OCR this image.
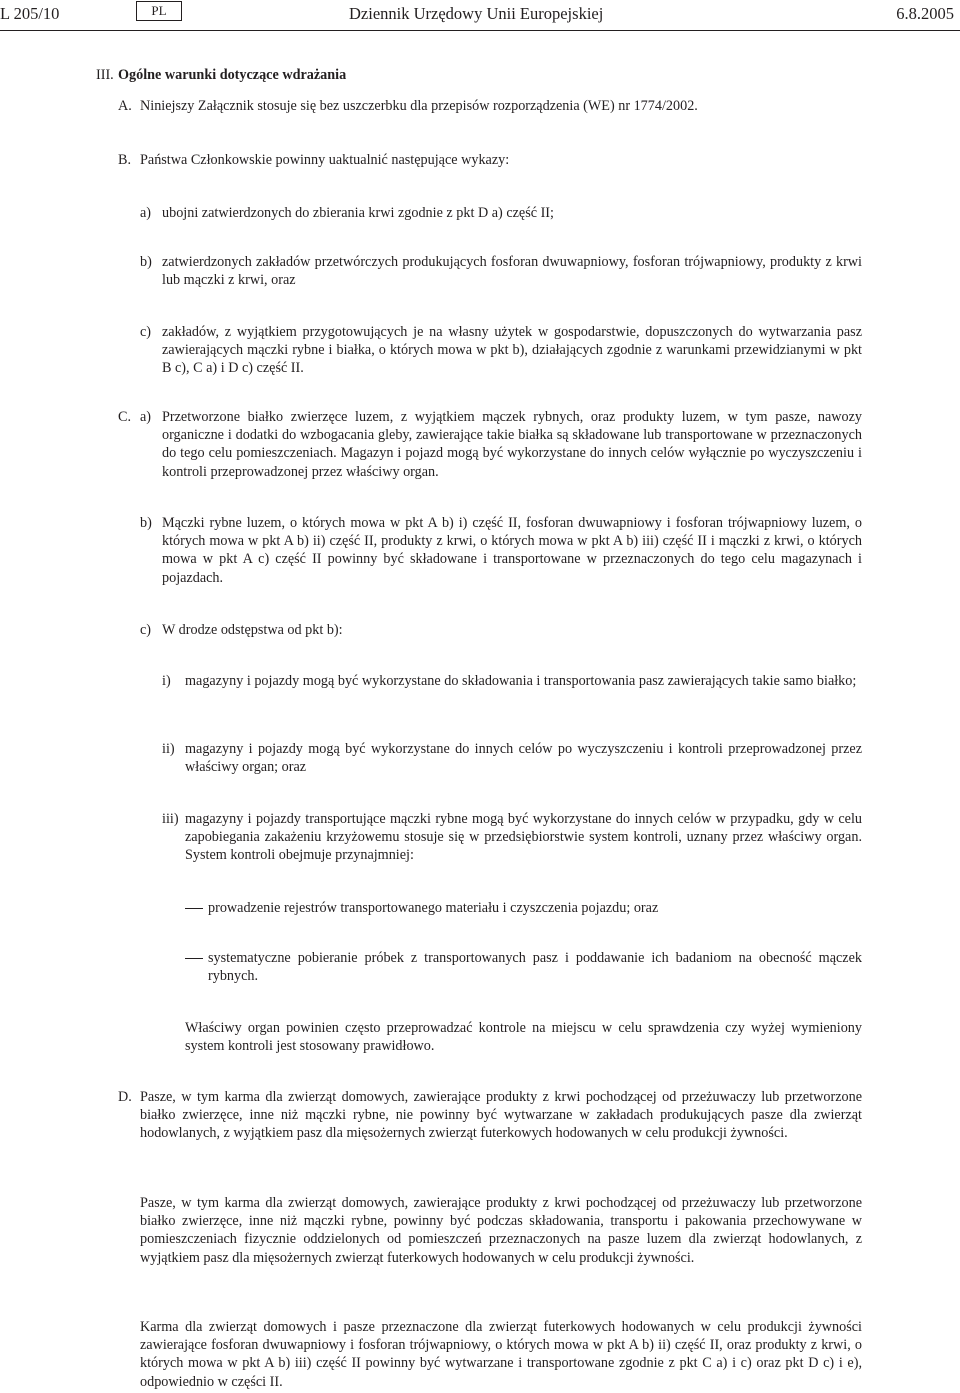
L 205/10	PL	Dziennik Urzędowy Unii Europejskiej	6.8.2005
III. Ogólne warunki dotyczące wdrażania
A. Niniejszy Załącznik stosuje się bez uszczerbku dla przepisów rozporządzenia (WE) nr 1774/2002.
B. Państwa Członkowskie powinny uaktualnić następujące wykazy:
a) ubojni zatwierdzonych do zbierania krwi zgodnie z pkt D a) część II;
b) zatwierdzonych zakładów przetwórczych produkujących fosforan dwuwapniowy, fosforan trójwapniowy, produkty z krwi lub mączki z krwi, oraz
c) zakładów, z wyjątkiem przygotowujących je na własny użytek w gospodarstwie, dopuszczonych do wytwarzania pasz zawierających mączki rybne i białka, o których mowa w pkt b), działających zgodnie z warunkami przewidzianymi w pkt B c), C a) i D c) część II.
C. a) Przetworzone białko zwierzęce luzem, z wyjątkiem mączek rybnych, oraz produkty luzem, w tym pasze, nawozy organiczne i dodatki do wzbogacania gleby, zawierające takie białka są składowane lub transportowane w przeznaczonych do tego celu pomieszczeniach. Magazyn i pojazd mogą być wykorzystane do innych celów wyłącznie po wyczyszczeniu i kontroli przeprowadzonej przez właściwy organ.
b) Mączki rybne luzem, o których mowa w pkt A b) i) część II, fosforan dwuwapniowy i fosforan trójwapniowy luzem, o których mowa w pkt A b) ii) część II, produkty z krwi, o których mowa w pkt A b) iii) część II i mączki z krwi, o których mowa w pkt A c) część II powinny być składowane i transportowane w przeznaczonych do tego celu magazynach i pojazdach.
c) W drodze odstępstwa od pkt b):
i) magazyny i pojazdy mogą być wykorzystane do składowania i transportowania pasz zawierających takie samo białko;
ii) magazyny i pojazdy mogą być wykorzystane do innych celów po wyczyszczeniu i kontroli przeprowadzonej przez właściwy organ; oraz
iii) magazyny i pojazdy transportujące mączki rybne mogą być wykorzystane do innych celów w przypadku, gdy w celu zapobiegania zakażeniu krzyżowemu stosuje się w przedsiębiorstwie system kontroli, uznany przez właściwy organ. System kontroli obejmuje przynajmniej:
prowadzenie rejestrów transportowanego materiału i czyszczenia pojazdu; oraz
systematyczne pobieranie próbek z transportowanych pasz i poddawanie ich badaniom na obecność mączek rybnych.
Właściwy organ powinien często przeprowadzać kontrole na miejscu w celu sprawdzenia czy wyżej wymieniony system kontroli jest stosowany prawidłowo.
D. Pasze, w tym karma dla zwierząt domowych, zawierające produkty z krwi pochodzącej od przeżuwaczy lub przetworzone białko zwierzęce, inne niż mączki rybne, nie powinny być wytwarzane w zakładach produkujących pasze dla zwierząt hodowlanych, z wyjątkiem pasz dla mięsożernych zwierząt futerkowych hodowanych w celu produkcji żywności.
Pasze, w tym karma dla zwierząt domowych, zawierające produkty z krwi pochodzącej od przeżuwaczy lub przetworzone białko zwierzęce, inne niż mączki rybne, powinny być podczas składowania, transportu i pakowania przechowywane w pomieszczeniach fizycznie oddzielonych od pomieszczeń przeznaczonych na pasze luzem dla zwierząt hodowlanych, z wyjątkiem pasz dla mięsożernych zwierząt futerkowych hodowanych w celu produkcji żywności.
Karma dla zwierząt domowych i pasze przeznaczone dla zwierząt futerkowych hodowanych w celu produkcji żywności zawierające fosforan dwuwapniowy i fosforan trójwapniowy, o których mowa w pkt A b) ii) część II, oraz produkty z krwi, o których mowa w pkt A b) iii) część II powinny być wytwarzane i transportowane zgodnie z pkt C a) i c) oraz pkt D c) i e), odpowiednio w części II.
